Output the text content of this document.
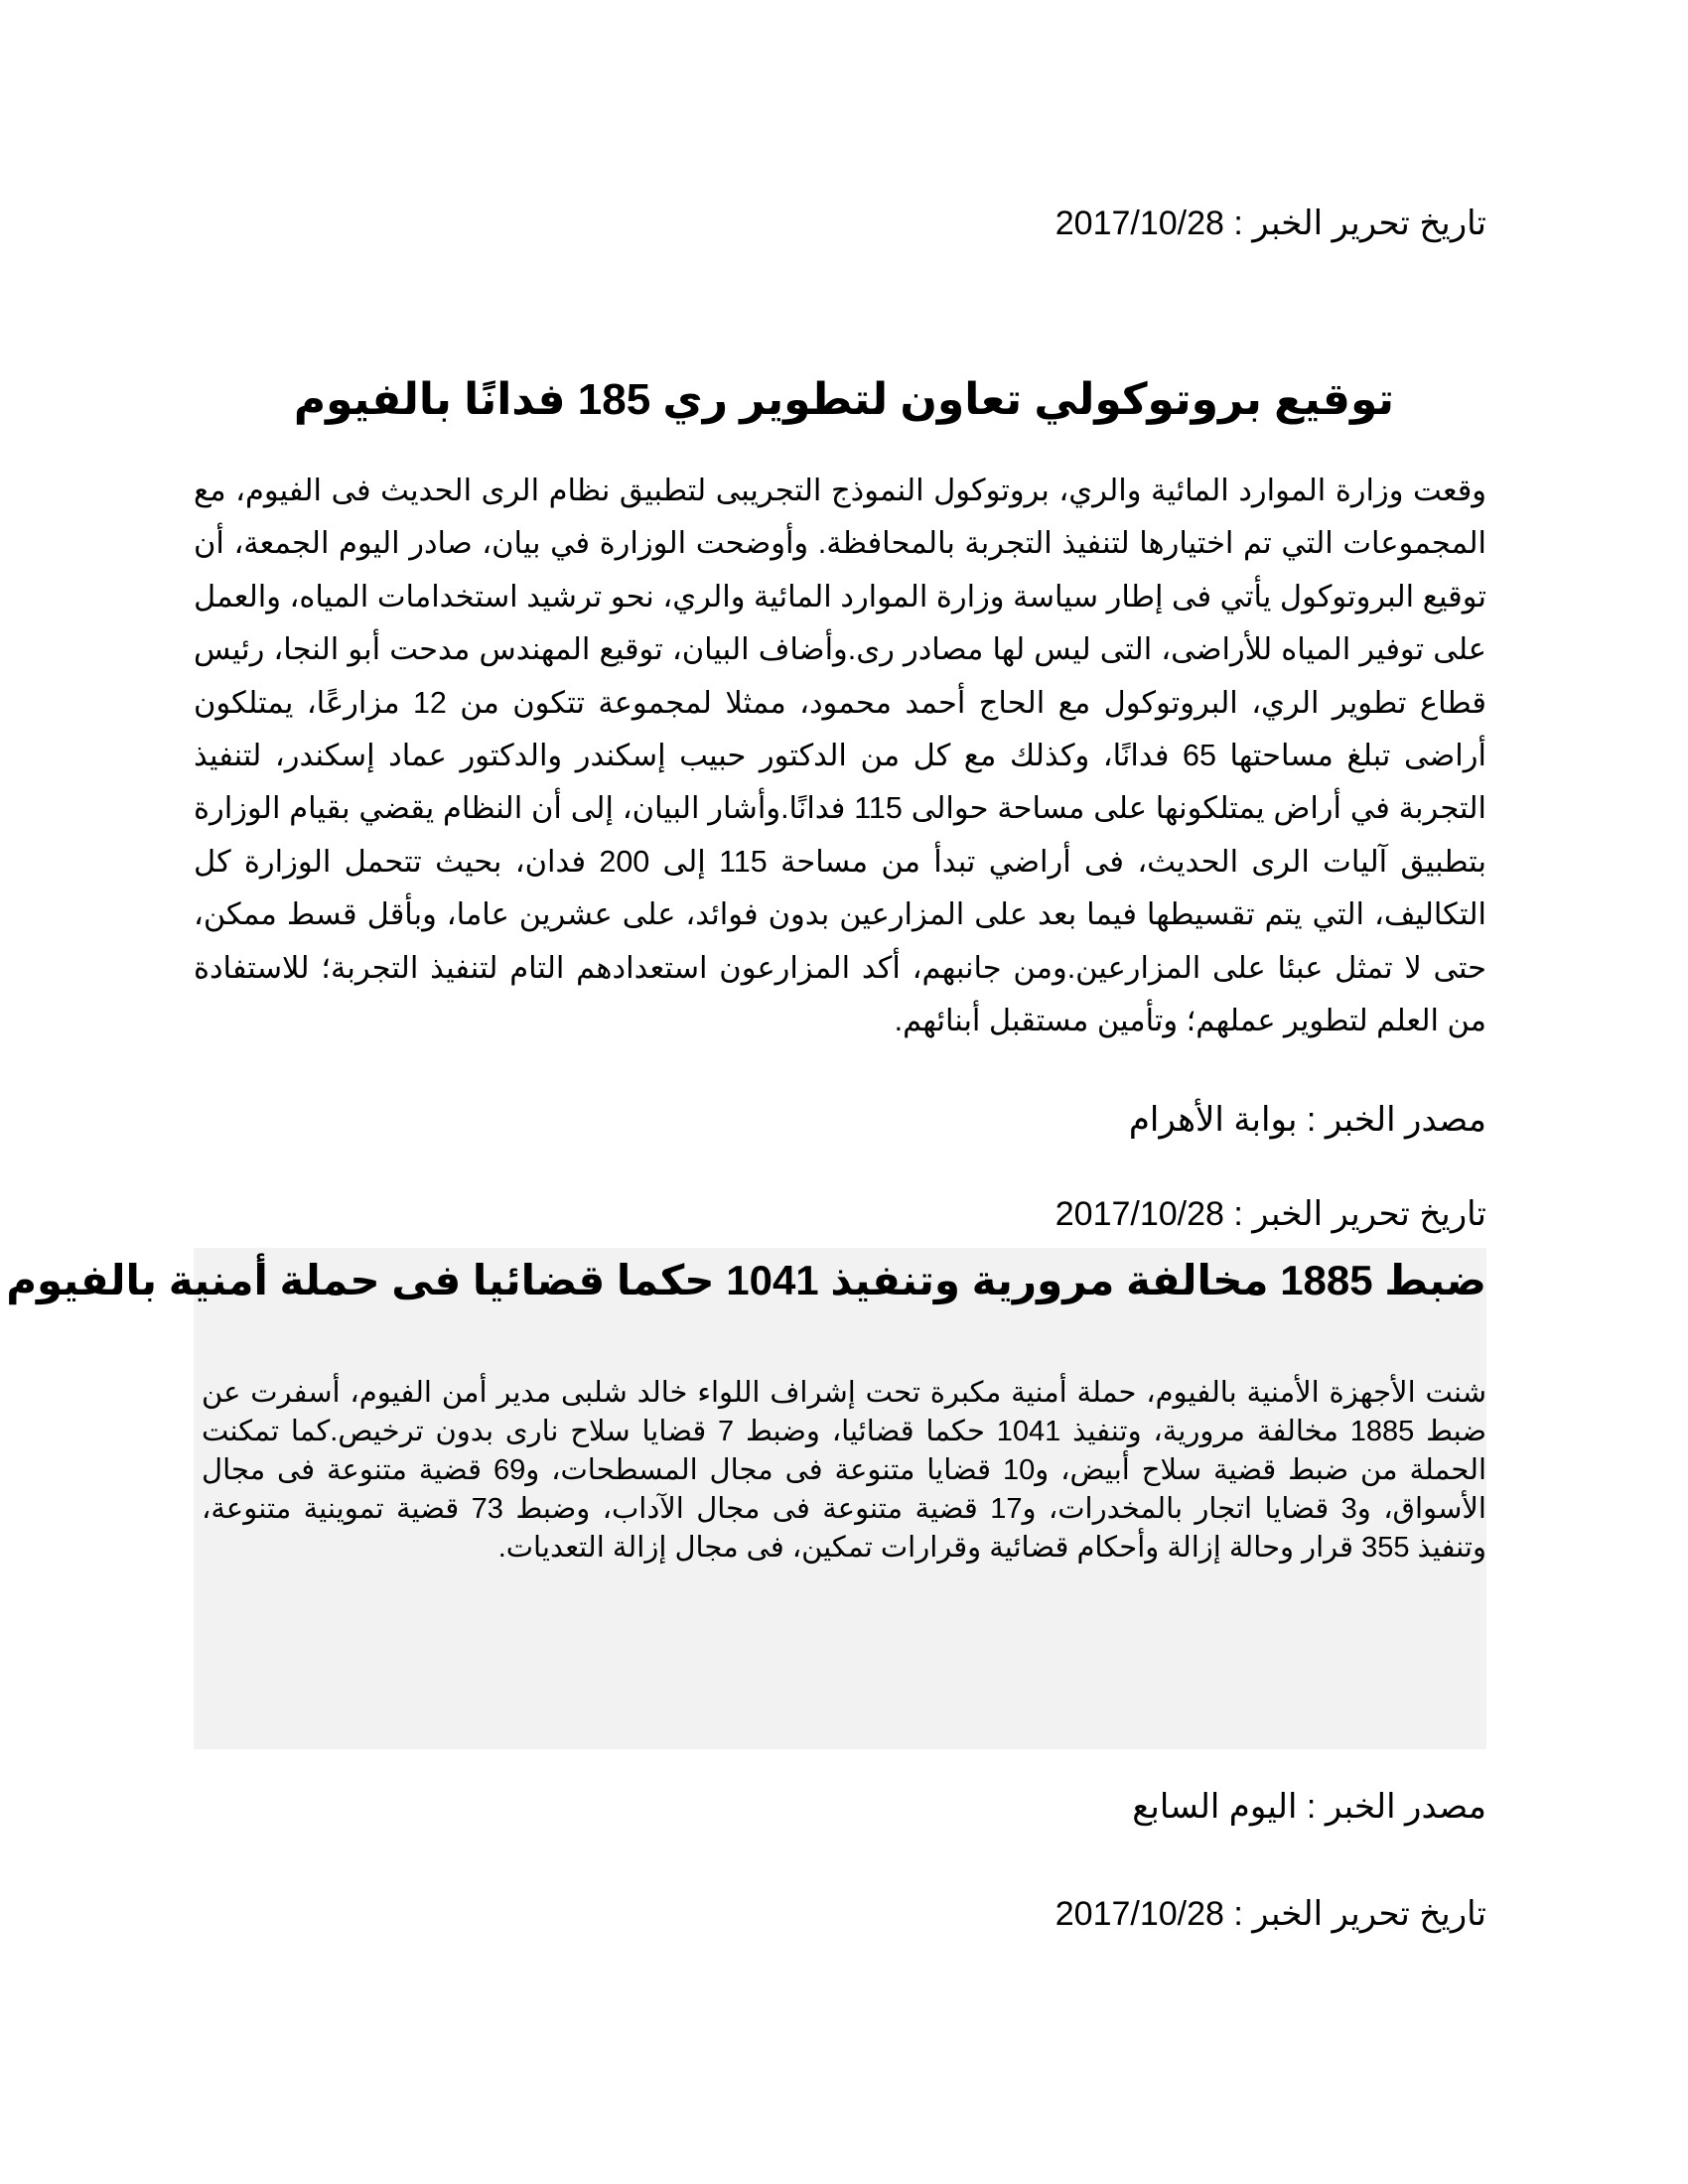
تاريخ تحرير الخبر : 2017/10/28
توقيع بروتوكولي تعاون لتطوير ري 185 فدانًا بالفيوم
وقعت وزارة الموارد المائية والري، بروتوكول النموذج التجريبى لتطبيق نظام الرى الحديث فى الفيوم، مع المجموعات التي تم اختيارها لتنفيذ التجربة بالمحافظة. وأوضحت الوزارة في بيان، صادر اليوم الجمعة، أن توقيع البروتوكول يأتي فى إطار سياسة وزارة الموارد المائية والري، نحو ترشيد استخدامات المياه، والعمل على توفير المياه للأراضى، التى ليس لها مصادر رى.وأضاف البيان، توقيع المهندس مدحت أبو النجا، رئيس قطاع تطوير الري، البروتوكول مع الحاج أحمد محمود، ممثلا لمجموعة تتكون من 12 مزارعًا، يمتلكون أراضى تبلغ مساحتها 65 فدانًا، وكذلك مع كل من الدكتور حبيب إسكندر والدكتور عماد إسكندر، لتنفيذ التجربة في أراض يمتلكونها على مساحة حوالى 115 فدانًا.وأشار البيان، إلى أن النظام يقضي بقيام الوزارة بتطبيق آليات الرى الحديث، فى أراضي تبدأ من مساحة 115 إلى 200 فدان، بحيث تتحمل الوزارة كل التكاليف، التي يتم تقسيطها فيما بعد على المزارعين بدون فوائد، على عشرين عاما، وبأقل قسط ممكن، حتى لا تمثل عبئا على المزارعين.ومن جانبهم، أكد المزارعون استعدادهم التام لتنفيذ التجربة؛ للاستفادة من العلم لتطوير عملهم؛ وتأمين مستقبل أبنائهم.
مصدر الخبر : بوابة الأهرام
تاريخ تحرير الخبر : 2017/10/28
ضبط 1885 مخالفة مرورية وتنفيذ 1041 حكما قضائيا فى حملة أمنية بالفيوم
شنت الأجهزة الأمنية بالفيوم، حملة أمنية مكبرة تحت إشراف اللواء خالد شلبى مدير أمن الفيوم، أسفرت عن ضبط 1885 مخالفة مرورية، وتنفيذ 1041 حكما قضائيا، وضبط 7 قضايا سلاح نارى بدون ترخيص.كما تمكنت الحملة من ضبط قضية سلاح أبيض، و10 قضايا متنوعة فى مجال المسطحات، و69 قضية متنوعة فى مجال الأسواق، و3 قضايا اتجار بالمخدرات، و17 قضية متنوعة فى مجال الآداب، وضبط 73 قضية تموينية متنوعة، وتنفيذ 355 قرار وحالة إزالة وأحكام قضائية وقرارات تمكين، فى مجال إزالة التعديات.
مصدر الخبر : اليوم السابع
تاريخ تحرير الخبر : 2017/10/28
